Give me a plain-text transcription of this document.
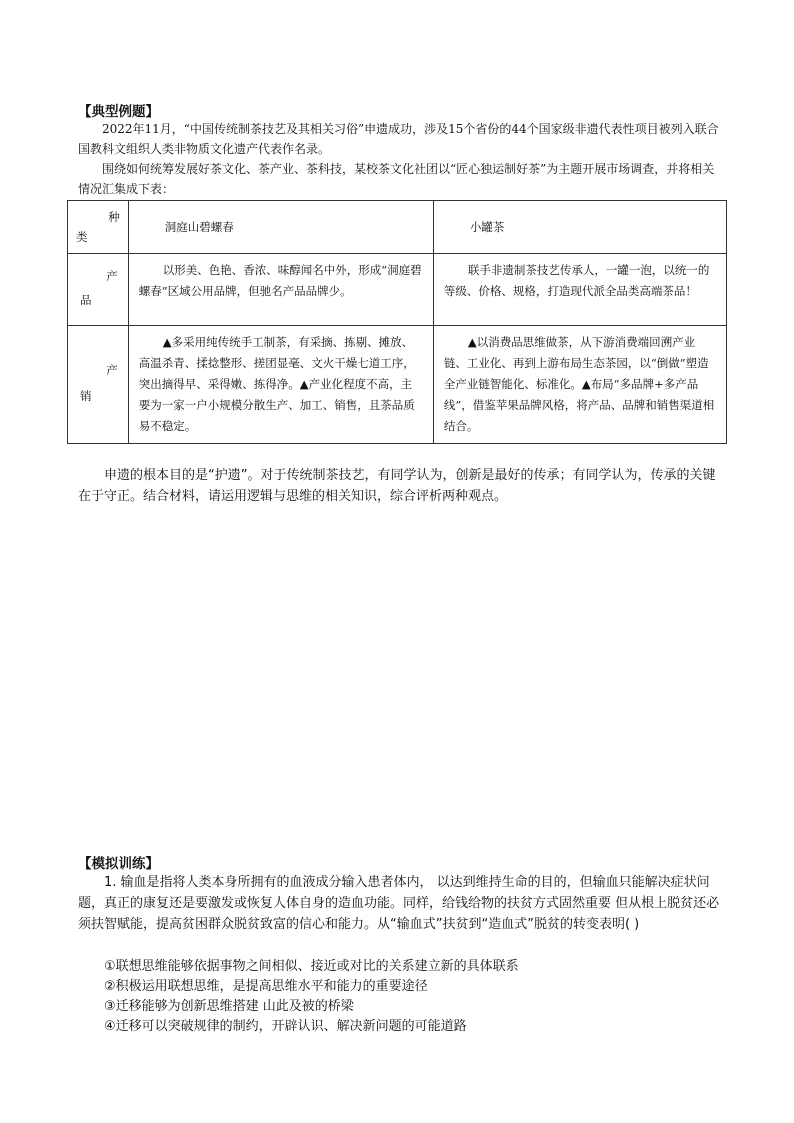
【典型例题】
2022年11月，“中国传统制茶技艺及其相关习俗”申遗成功，涉及15个省份的44个国家级非遗代表性项目被列入联合国教科文组织人类非物质文化遗产代表作名录。
围绕如何统筹发展好茶文化、茶产业、茶科技，某校茶文化社团以“匠心独运制好茶”为主题开展市场调查，并将相关情况汇集成下表：
种
类	洞庭山碧螺春	小罐茶

产
品	以形美、色艳、香浓、味醇闻名中外，形成“洞庭碧螺春”区域公用品牌，但驰名产品品牌少。	联手非遗制茶技艺传承人，一罐一泡，以统一的等级、价格、规格，打造现代派全品类高端茶品！

产
销	▲多采用纯传统手工制茶，有采摘、拣剔、摊放、高温杀青、揉捻整形、搓团显毫、文火干燥七道工序，突出摘得早、采得嫩、拣得净。▲产业化程度不高，主要为一家一户小规模分散生产、加工、销售，且茶品质易不稳定。	▲以消费品思维做茶，从下游消费端回溯产业链、工业化、再到上游布局生态茶园，以“倒做”塑造全产业链智能化、标准化。▲布局“多品牌+多产品线”，借鉴苹果品牌风格，将产品、品牌和销售渠道相结合。
申遗的根本目的是“护遗”。对于传统制茶技艺，有同学认为，创新是最好的传承；有同学认为，传承的关键在于守正。结合材料，请运用逻辑与思维的相关知识，综合评析两种观点。
【模拟训练】
1. 输血是指将人类本身所拥有的血液成分输入患者体内， 以达到维持生命的目的，但输血只能解决症状问题，真正的康复还是要激发或恢复人体自身的造血功能。同样，给钱给物的扶贫方式固然重要 但从根上脱贫还必须扶智赋能，提高贫困群众脱贫致富的信心和能力。从“输血式”扶贫到“造血式”脱贫的转变表明( )
①联想思维能够依据事物之间相似、接近或对比的关系建立新的具体联系
②积极运用联想思维，是提高思维水平和能力的重要途径
③迁移能够为创新思维搭建 山此及被的桥梁
④迁移可以突破规律的制约，开辟认识、解决新问题的可能道路
